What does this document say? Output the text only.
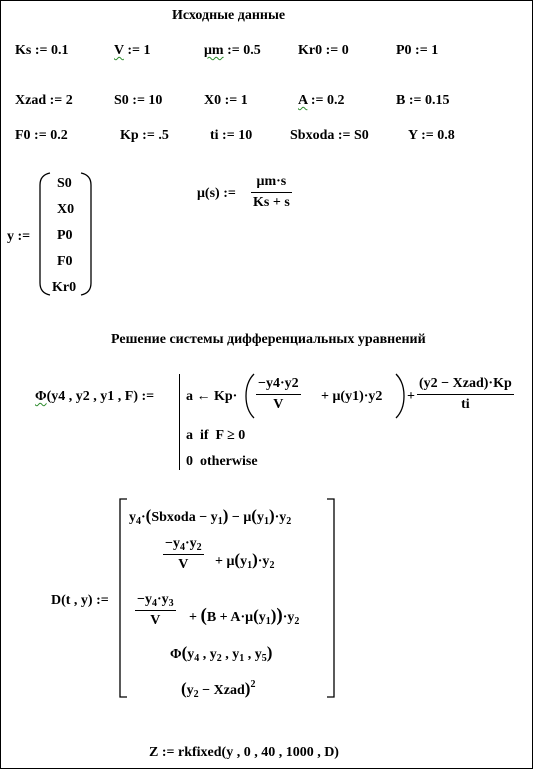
Исходные данные
Ks := 0.1	V := 1	μm := 0.5	Kr0 := 0	P0 := 1
Xzad := 2	S0 := 10	X0 := 1	A := 0.2	B := 0.15
F0 := 0.2	Kp := .5	ti := 10	Sbxoda := S0	Y := 0.8
y :=
S0
X0
P0
F0
Kr0
μ(s) :=
μm·s
Ks + s
Решение системы дифференциальных уравнений
Φ(y4 , y2 , y1 , F) := a ← Kp·
−y4·y2
V
+ μ(y1)·y2 +
(y2 − Xzad)·Kp
ti
a  if  F ≥ 0
0  otherwise
D(t , y) :=
$y_4\cdot(Sbxoda - y_1) - \mu(y_1)\cdot y_2$
$-y_4\cdot y_2$
$V + \mu(y_1)\cdot y_2$
$-y_4\cdot y_3$
$V + (B + A\cdot\mu(y_1))\cdot y_2$
$\Phi(y_4$ , $y_2$ , $y_1$ , $y_5$)
($y_2$ − Xzad)$^2$
Z := rkfixed(y , 0 , 40 , 1000 , D)
